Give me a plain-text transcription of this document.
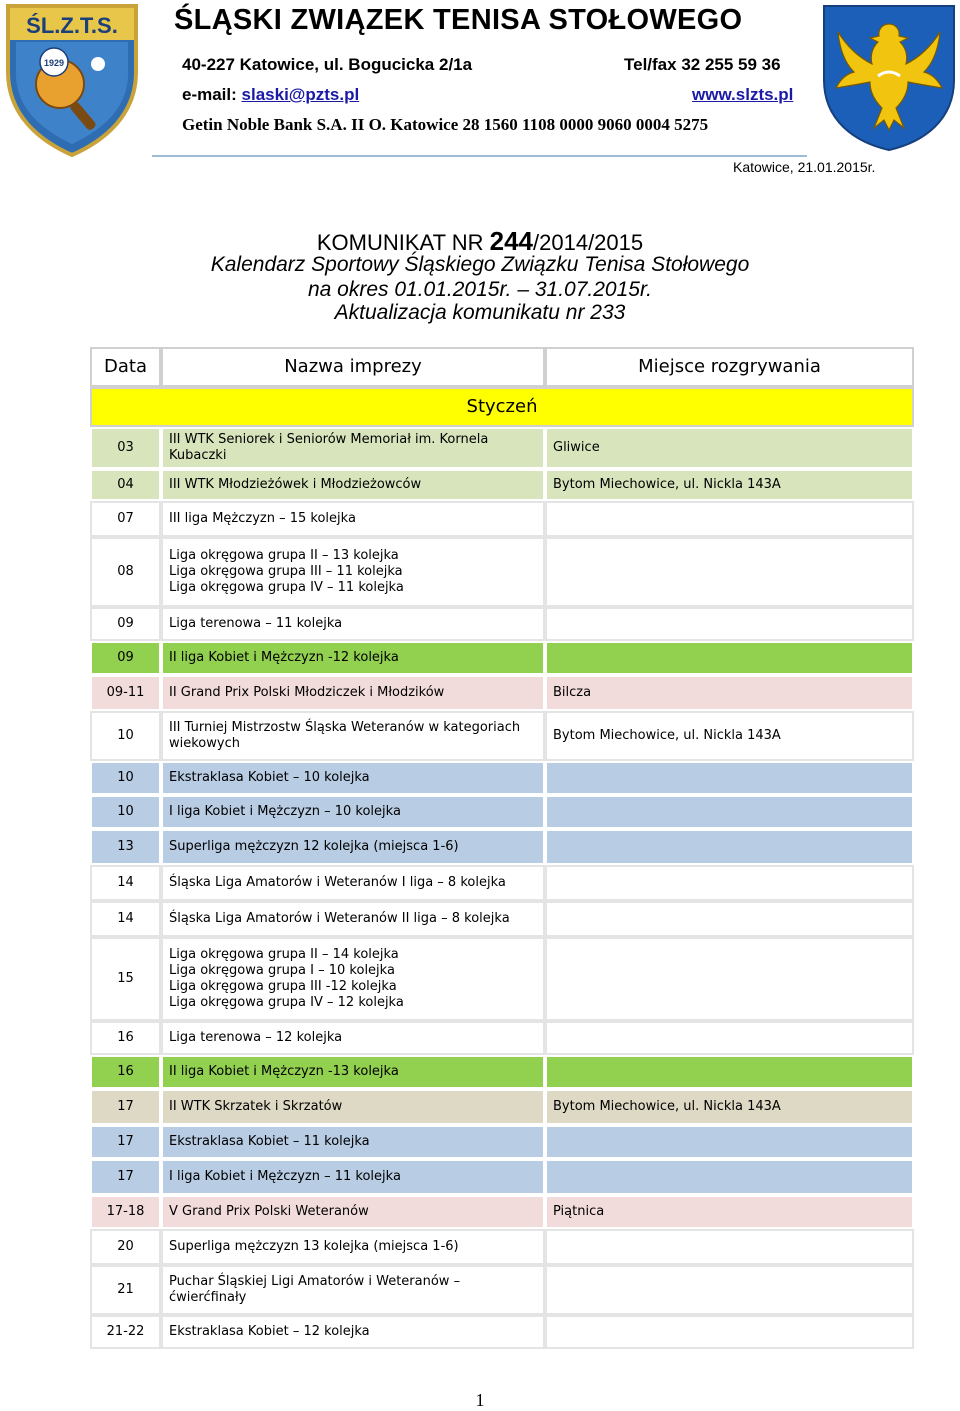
ŚL.Z.T.S.
1929
ŚLĄSKI ZWIĄZEK TENISA STOŁOWEGO
40-227 Katowice, ul. Bogucicka 2/1a	Tel/fax 32 255 59 36
e-mail: slaski@pzts.pl	www.slzts.pl
Getin Noble Bank S.A. II O. Katowice 28 1560 1108 0000 9060 0004 5275
Katowice, 21.01.2015r.
KOMUNIKAT NR 244/2014/2015
Kalendarz Sportowy Śląskiego Związku Tenisa Stołowego
na okres 01.01.2015r. – 31.07.2015r.
Aktualizacja komunikatu nr 233
Data	Nazwa imprezy	Miejsce rozgrywania
Styczeń		
03	III WTK Seniorek i Seniorów Memoriał im. Kornela Kubaczki	Gliwice
04	III WTK Młodzieżówek i Młodzieżowców	Bytom Miechowice, ul. Nickla 143A
07	III liga Mężczyzn – 15 kolejka	
08	Liga okręgowa grupa II – 13 kolejka
Liga okręgowa grupa III – 11 kolejka
Liga okręgowa grupa IV – 11 kolejka	
09	Liga terenowa – 11 kolejka	
09	II liga Kobiet i Mężczyzn -12 kolejka	
09-11	II Grand Prix Polski Młodziczek i Młodzików	Bilcza
10	III Turniej Mistrzostw Śląska Weteranów w kategoriach wiekowych	Bytom Miechowice, ul. Nickla 143A
10	Ekstraklasa Kobiet – 10 kolejka	
10	I liga Kobiet i Mężczyzn – 10 kolejka	
13	Superliga mężczyzn 12 kolejka (miejsca 1-6)	
14	Śląska Liga Amatorów i Weteranów I liga – 8 kolejka	
14	Śląska Liga Amatorów i Weteranów II liga – 8 kolejka	
15	Liga okręgowa grupa II – 14 kolejka
Liga okręgowa grupa I – 10 kolejka
Liga okręgowa grupa III -12 kolejka
Liga okręgowa grupa IV – 12 kolejka	
16	Liga terenowa – 12 kolejka	
16	II liga Kobiet i Mężczyzn -13 kolejka	
17	II WTK Skrzatek i Skrzatów	Bytom Miechowice, ul. Nickla 143A
17	Ekstraklasa Kobiet – 11 kolejka	
17	I liga Kobiet i Mężczyzn – 11 kolejka	
17-18	V Grand Prix Polski Weteranów	Piątnica
20	Superliga mężczyzn 13 kolejka (miejsca 1-6)	
21	Puchar Śląskiej Ligi Amatorów i Weteranów – ćwierćfinały	
21-22	Ekstraklasa Kobiet – 12 kolejka	
1
